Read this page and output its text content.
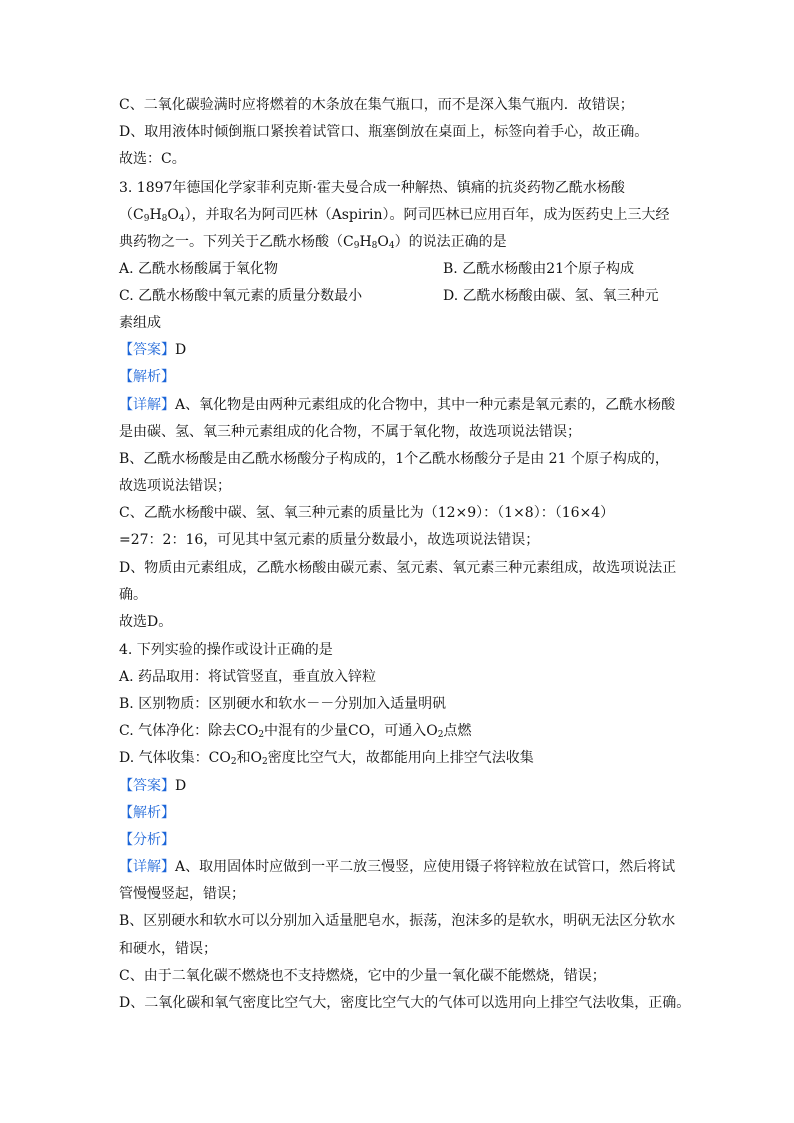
C、二氧化碳验满时应将燃着的木条放在集气瓶口，而不是深入集气瓶内．故错误；
D、取用液体时倾倒瓶口紧挨着试管口、瓶塞倒放在桌面上，标签向着手心，故正确。
故选：C。
3. 1897年德国化学家菲利克斯·霍夫曼合成一种解热、镇痛的抗炎药物乙酰水杨酸
$(C_9H_8O_4)$，并取名为阿司匹林（Aspirin）。阿司匹林已应用百年，成为医药史上三大经
典药物之一。下列关于乙酰水杨酸$(C_9H_8O_4)$的说法正确的是
A. 乙酰水杨酸属于氧化物	B. 乙酰水杨酸由21个原子构成
C. 乙酰水杨酸中氧元素的质量分数最小	D. 乙酰水杨酸由碳、氢、氧三种元
素组成
【答案】D
【解析】
【详解】A、氧化物是由两种元素组成的化合物中，其中一种元素是氧元素的，乙酰水杨酸
是由碳、氢、氧三种元素组成的化合物，不属于氧化物，故选项说法错误；
B、乙酰水杨酸是由乙酰水杨酸分子构成的，1个乙酰水杨酸分子是由 21 个原子构成的，
故选项说法错误；
C、乙酰水杨酸中碳、氢、氧三种元素的质量比为（12×9）：（1×8）：（16×4）
=27：2：16，可见其中氢元素的质量分数最小，故选项说法错误；
D、物质由元素组成，乙酰水杨酸由碳元素、氢元素、氧元素三种元素组成，故选项说法正
确。
故选D。
4. 下列实验的操作或设计正确的是
A. 药品取用：将试管竖直，垂直放入锌粒
B. 区别物质：区别硬水和软水－－分别加入适量明矾
C. 气体净化：除去$CO_2$中混有的少量CO，可通入$O_2$点燃
D. 气体收集：$CO_2$和$O_2$密度比空气大，故都能用向上排空气法收集
【答案】D
【解析】
【分析】
【详解】A、取用固体时应做到一平二放三慢竖，应使用镊子将锌粒放在试管口，然后将试
管慢慢竖起，错误；
B、区别硬水和软水可以分别加入适量肥皂水，振荡，泡沫多的是软水，明矾无法区分软水
和硬水，错误；
C、由于二氧化碳不燃烧也不支持燃烧，它中的少量一氧化碳不能燃烧，错误；
D、二氧化碳和氧气密度比空气大，密度比空气大的气体可以选用向上排空气法收集，正确。
